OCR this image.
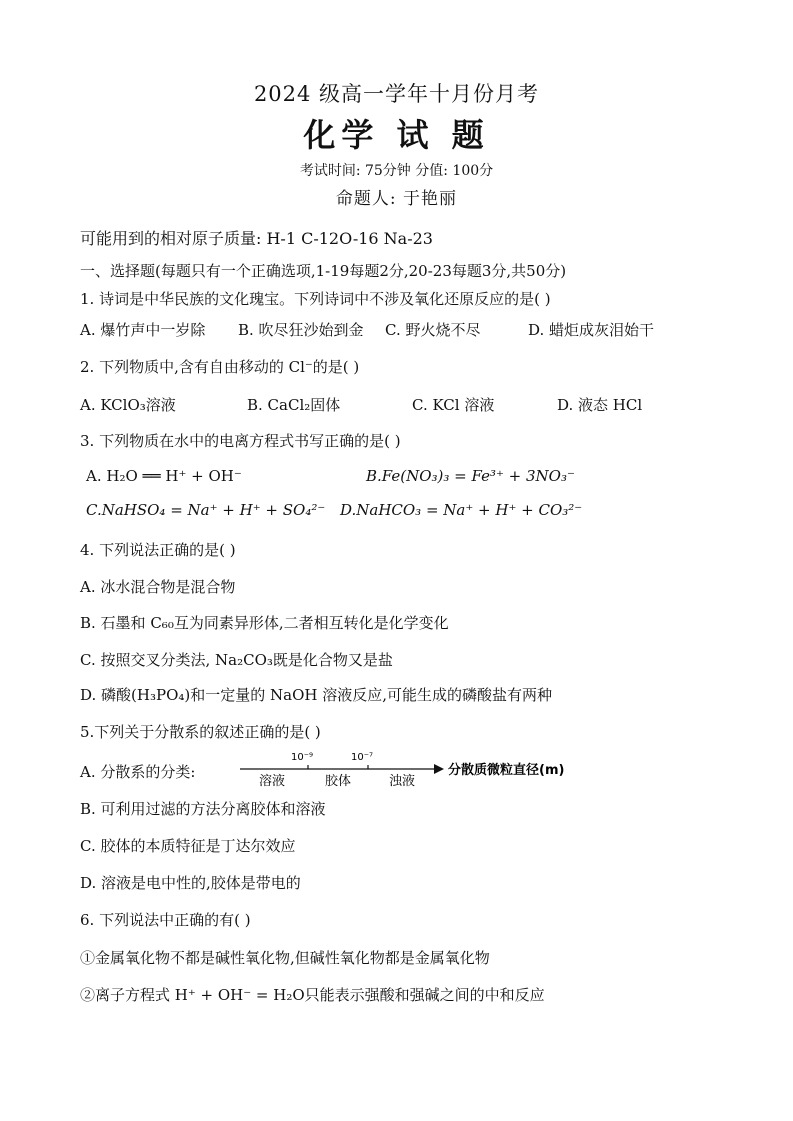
2024 级高一学年十月份月考
化学 试 题
考试时间: 75分钟 分值: 100分
命题人: 于艳丽
可能用到的相对原子质量: H-1 C-12O-16 Na-23
一、选择题(每题只有一个正确选项,1-19每题2分,20-23每题3分,共50分)
1. 诗词是中华民族的文化瑰宝。下列诗词中不涉及氧化还原反应的是( )
A. 爆竹声中一岁除 B. 吹尽狂沙始到金 C. 野火烧不尽	D. 蜡炬成灰泪始干
2. 下列物质中,含有自由移动的 Cl⁻的是( )
A. KClO₃溶液	B. CaCl₂固体	C. KCl 溶液	D. 液态 HCl
3. 下列物质在水中的电离方程式书写正确的是( )
A. H₂O ══ H⁺ + OH⁻	B.Fe(NO₃)₃ = Fe³⁺ + 3NO₃⁻
C.NaHSO₄ = Na⁺ + H⁺ + SO₄²⁻ D.NaHCO₃ = Na⁺ + H⁺ + CO₃²⁻
4. 下列说法正确的是( )
A. 冰水混合物是混合物
B. 石墨和 C₆₀互为同素异形体,二者相互转化是化学变化
C. 按照交叉分类法, Na₂CO₃既是化合物又是盐
D. 磷酸(H₃PO₄)和一定量的 NaOH 溶液反应,可能生成的磷酸盐有两种
5.下列关于分散系的叙述正确的是( )
A. 分散系的分类:
10⁻⁹	10⁻⁷
溶液	胶体	浊液
分散质微粒直径(m)
B. 可利用过滤的方法分离胶体和溶液
C. 胶体的本质特征是丁达尔效应
D. 溶液是电中性的,胶体是带电的
6. 下列说法中正确的有( )
①金属氧化物不都是碱性氧化物,但碱性氧化物都是金属氧化物
②离子方程式 H⁺ + OH⁻ = H₂O只能表示强酸和强碱之间的中和反应
